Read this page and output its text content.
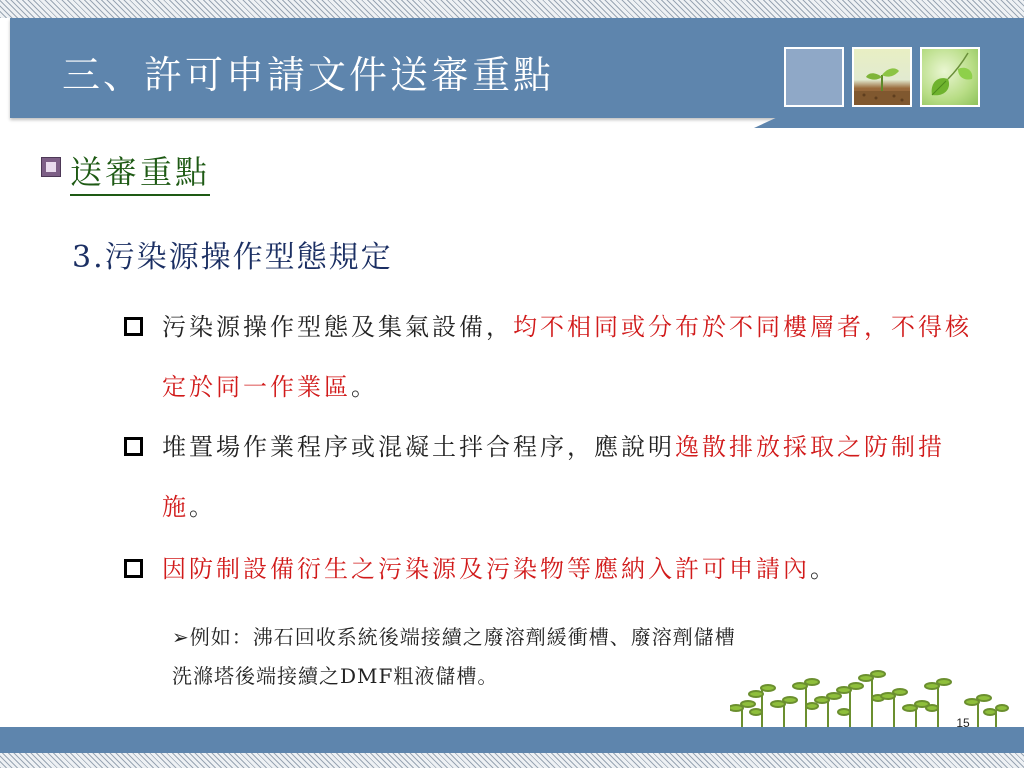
三、許可申請文件送審重點
送審重點
3.污染源操作型態規定
污染源操作型態及集氣設備，均不相同或分布於不同樓層者，不得核定於同一作業區。
堆置場作業程序或混凝土拌合程序，應說明逸散排放採取之防制措施。
因防制設備衍生之污染源及污染物等應納入許可申請內。
➢例如：沸石回收系統後端接續之廢溶劑緩衝槽、廢溶劑儲槽
洗滌塔後端接續之DMF粗液儲槽。
15
